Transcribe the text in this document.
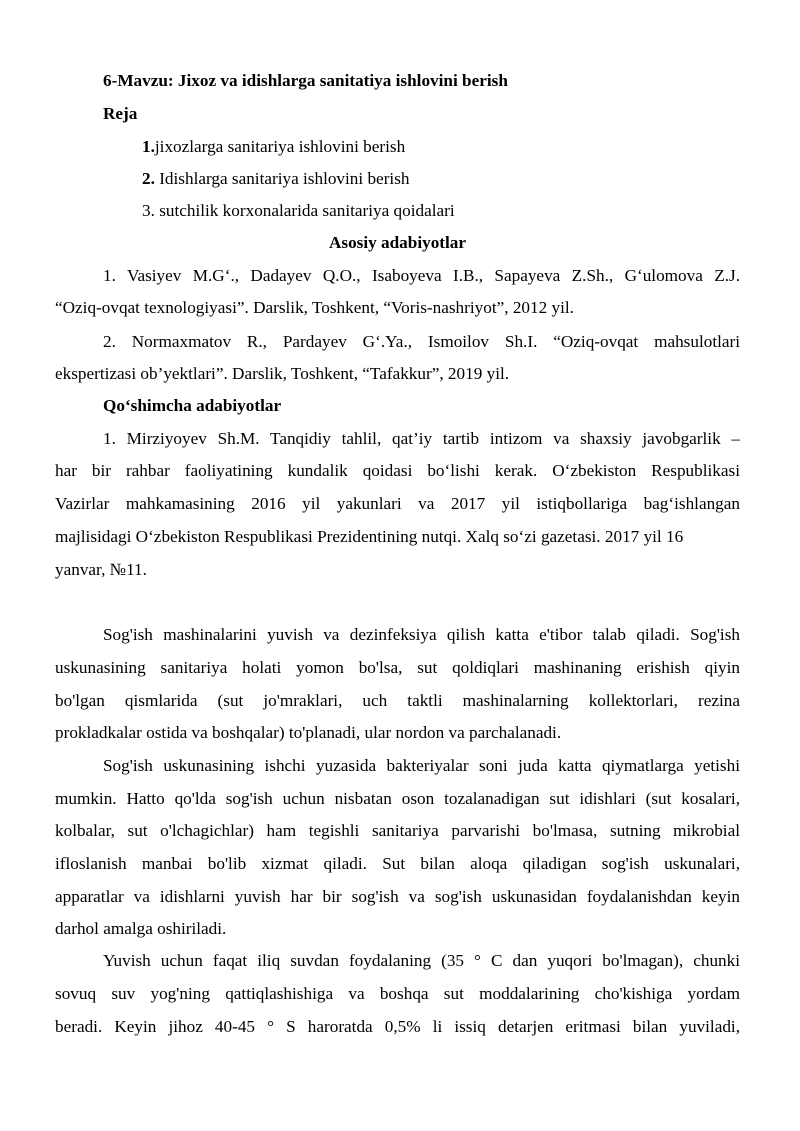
6-Mavzu: Jixoz va idishlarga sanitatiya ishlovini berish
Reja
1.jixozlarga sanitariya ishlovini berish
2. Idishlarga sanitariya ishlovini berish
3. sutchilik korxonalarida sanitariya qoidalari
Asosiy adabiyotlar
1. Vasiyev M.G‘., Dadayev Q.O., Isaboyeva I.B., Sapayeva Z.Sh., G‘ulomova Z.J.
“Oziq-ovqat texnologiyasi”. Darslik, Toshkent, “Voris-nashriyot”, 2012 yil.
2. Normaxmatov R., Pardayev G‘.Ya., Ismoilov Sh.I. “Oziq-ovqat mahsulotlari
ekspertizasi ob’yektlari”. Darslik, Toshkent, “Tafakkur”, 2019 yil.
Qo‘shimcha adabiyotlar
1. Mirziyoyev Sh.M. Tanqidiy tahlil, qat’iy tartib intizom va shaxsiy javobgarlik –
har bir rahbar faoliyatining kundalik qoidasi bo‘lishi kerak. O‘zbekiston Respublikasi
Vazirlar mahkamasining 2016 yil yakunlari va 2017 yil istiqbollariga bag‘ishlangan
majlisidagi O‘zbekiston Respublikasi Prezidentining nutqi. Xalq so‘zi gazetasi. 2017 yil 16
yanvar, №11.
Sog'ish mashinalarini yuvish va dezinfeksiya qilish katta e'tibor talab qiladi. Sog'ish
uskunasining sanitariya holati yomon bo'lsa, sut qoldiqlari mashinaning erishish qiyin
bo'lgan qismlarida (sut jo'mraklari, uch taktli mashinalarning kollektorlari, rezina
prokladkalar ostida va boshqalar) to'planadi, ular nordon va parchalanadi.
Sog'ish uskunasining ishchi yuzasida bakteriyalar soni juda katta qiymatlarga yetishi
mumkin. Hatto qo'lda sog'ish uchun nisbatan oson tozalanadigan sut idishlari (sut kosalari,
kolbalar, sut o'lchagichlar) ham tegishli sanitariya parvarishi bo'lmasa, sutning mikrobial
ifloslanish manbai bo'lib xizmat qiladi. Sut bilan aloqa qiladigan sog'ish uskunalari,
apparatlar va idishlarni yuvish har bir sog'ish va sog'ish uskunasidan foydalanishdan keyin
darhol amalga oshiriladi.
Yuvish uchun faqat iliq suvdan foydalaning (35 ° C dan yuqori bo'lmagan), chunki
sovuq suv yog'ning qattiqlashishiga va boshqa sut moddalarining cho'kishiga yordam
beradi. Keyin jihoz 40-45 ° S haroratda 0,5% li issiq detarjen eritmasi bilan yuviladi,
